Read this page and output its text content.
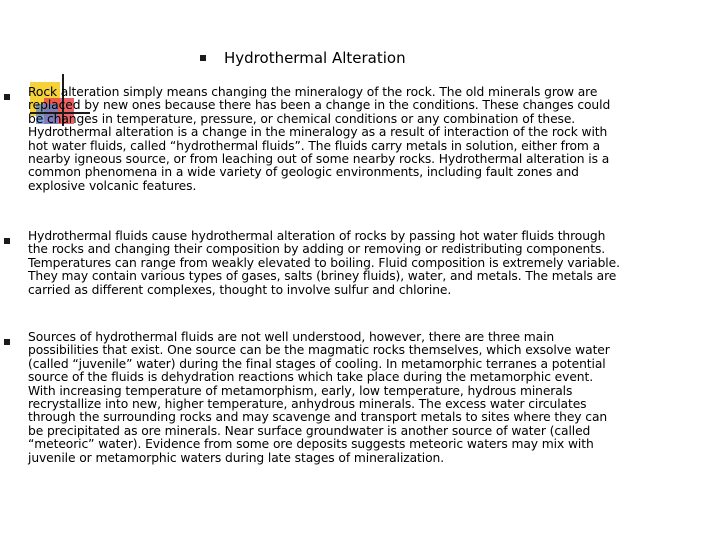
Hydrothermal Alteration
Rock alteration simply means changing the mineralogy of the rock. The old minerals grow are replaced by new ones because there has been a change in the conditions. These changes could be changes in temperature, pressure, or chemical conditions or any combination of these. Hydrothermal alteration is a change in the mineralogy as a result of interaction of the rock with hot water fluids, called “hydrothermal fluids”. The fluids carry metals in solution, either from a nearby igneous source, or from leaching out of some nearby rocks. Hydrothermal alteration is a common phenomena in a wide variety of geologic environments, including fault zones and explosive volcanic features.
Hydrothermal fluids cause hydrothermal alteration of rocks by passing hot water fluids through the rocks and changing their composition by adding or removing or redistributing components. Temperatures can range from weakly elevated to boiling. Fluid composition is extremely variable. They may contain various types of gases, salts (briney fluids), water, and metals. The metals are carried as different complexes, thought to involve sulfur and chlorine.
Sources of hydrothermal fluids are not well understood, however, there are three main possibilities that exist. One source can be the magmatic rocks themselves, which exsolve water (called “juvenile” water) during the final stages of cooling. In metamorphic terranes a potential source of the fluids is dehydration reactions which take place during the metamorphic event. With increasing temperature of metamorphism, early, low temperature, hydrous minerals recrystallize into new, higher temperature, anhydrous minerals. The excess water circulates through the surrounding rocks and may scavenge and transport metals to sites where they can be precipitated as ore minerals. Near surface groundwater is another source of water (called “meteoric” water). Evidence from some ore deposits suggests meteoric waters may mix with juvenile or metamorphic waters during late stages of mineralization.
